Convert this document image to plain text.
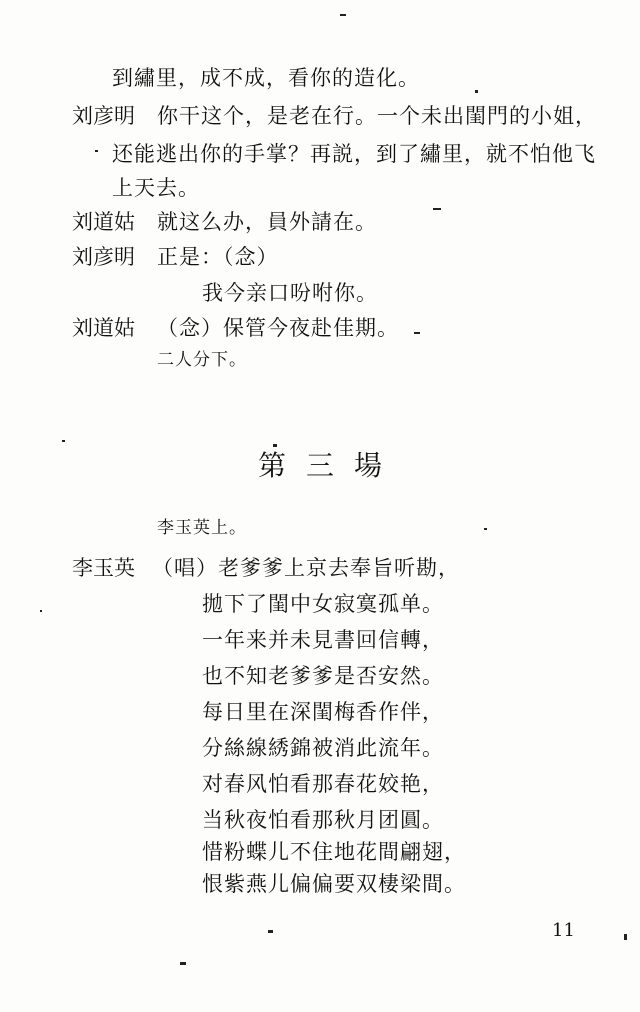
到繡里，成不成，看你的造化。
刘彦明 你干这个，是老在行。一个未出閨門的小姐，
还能逃出你的手掌？再説，到了繡里，就不怕他飞
上天去。
刘道姑 就这么办，員外請在。
刘彦明 正是：（念）
我今亲口吩咐你。
刘道姑 （念）保管今夜赴佳期。
二人分下。
第三場
李玉英上。
李玉英 （唱）老爹爹上京去奉旨听勘，
拋下了閨中女寂寞孤单。
一年来并未見書回信轉，
也不知老爹爹是否安然。
每日里在深閨梅香作伴，
分絲線綉錦被消此流年。
对春风怕看那春花姣艳，
当秋夜怕看那秋月团圓。
惜粉蝶儿不住地花間翩翅，
恨紫燕儿偏偏要双棲梁間。
11
